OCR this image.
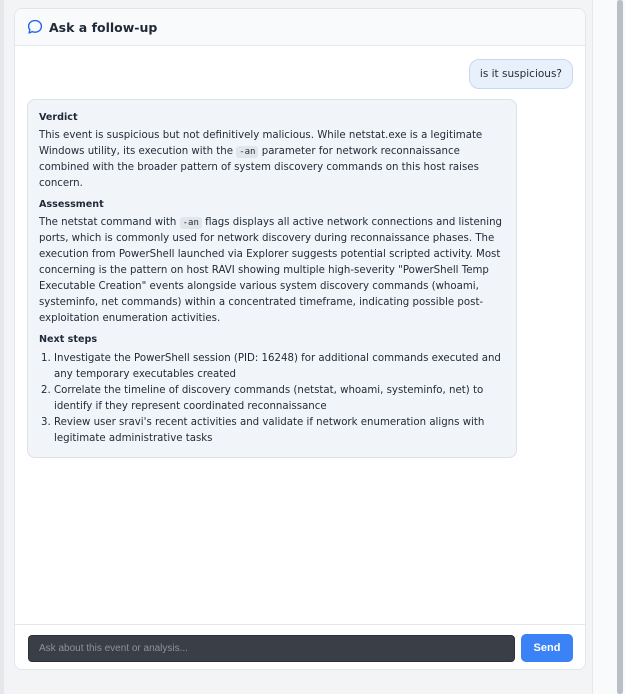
Ask a follow-up
is it suspicious?
Verdict
This event is suspicious but not definitively malicious. While netstat.exe is a legitimate Windows utility, its execution with the -an parameter for network reconnaissance combined with the broader pattern of system discovery commands on this host raises concern.
Assessment
The netstat command with -an flags displays all active network connections and listening ports, which is commonly used for network discovery during reconnaissance phases. The execution from PowerShell launched via Explorer suggests potential scripted activity. Most concerning is the pattern on host RAVI showing multiple high-severity "PowerShell Temp Executable Creation" events alongside various system discovery commands (whoami, systeminfo, net commands) within a concentrated timeframe, indicating possible post-exploitation enumeration activities.
Next steps
1. Investigate the PowerShell session (PID: 16248) for additional commands executed and any temporary executables created
2. Correlate the timeline of discovery commands (netstat, whoami, systeminfo, net) to identify if they represent coordinated reconnaissance
3. Review user sravi's recent activities and validate if network enumeration aligns with legitimate administrative tasks
Ask about this event or analysis...
Send
